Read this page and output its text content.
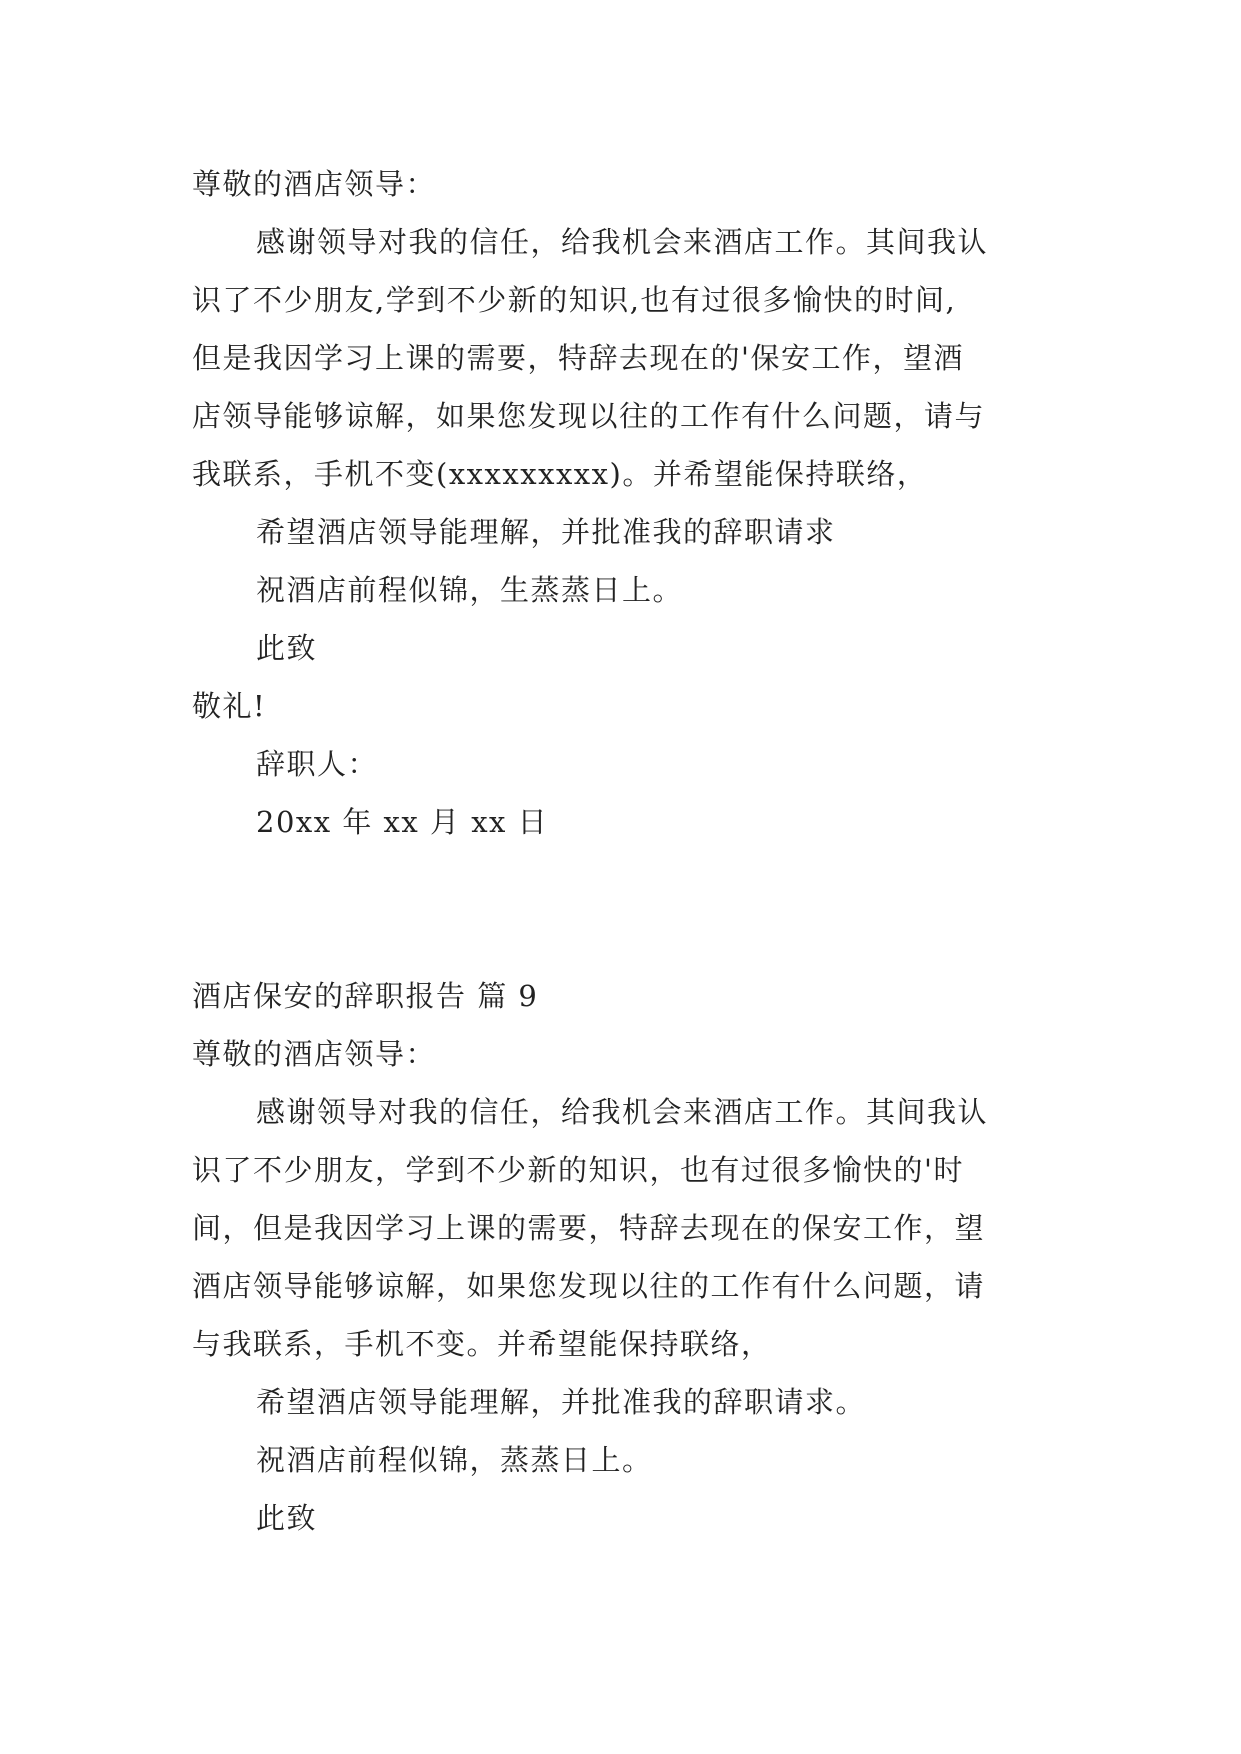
尊敬的酒店领导：
感谢领导对我的信任，给我机会来酒店工作。其间我认
识了不少朋友,学到不少新的知识,也有过很多愉快的时间,
但是我因学习上课的需要，特辞去现在的'保安工作，望酒
店领导能够谅解，如果您发现以往的工作有什么问题，请与
我联系，手机不变(xxxxxxxxx)。并希望能保持联络，
希望酒店领导能理解，并批准我的辞职请求
祝酒店前程似锦，生蒸蒸日上。
此致
敬礼!
辞职人：
20xx 年 xx 月 xx 日
酒店保安的辞职报告 篇 9
尊敬的酒店领导：
感谢领导对我的信任，给我机会来酒店工作。其间我认
识了不少朋友，学到不少新的知识，也有过很多愉快的'时
间，但是我因学习上课的需要，特辞去现在的保安工作，望
酒店领导能够谅解，如果您发现以往的工作有什么问题，请
与我联系，手机不变。并希望能保持联络，
希望酒店领导能理解，并批准我的辞职请求。
祝酒店前程似锦，蒸蒸日上。
此致
